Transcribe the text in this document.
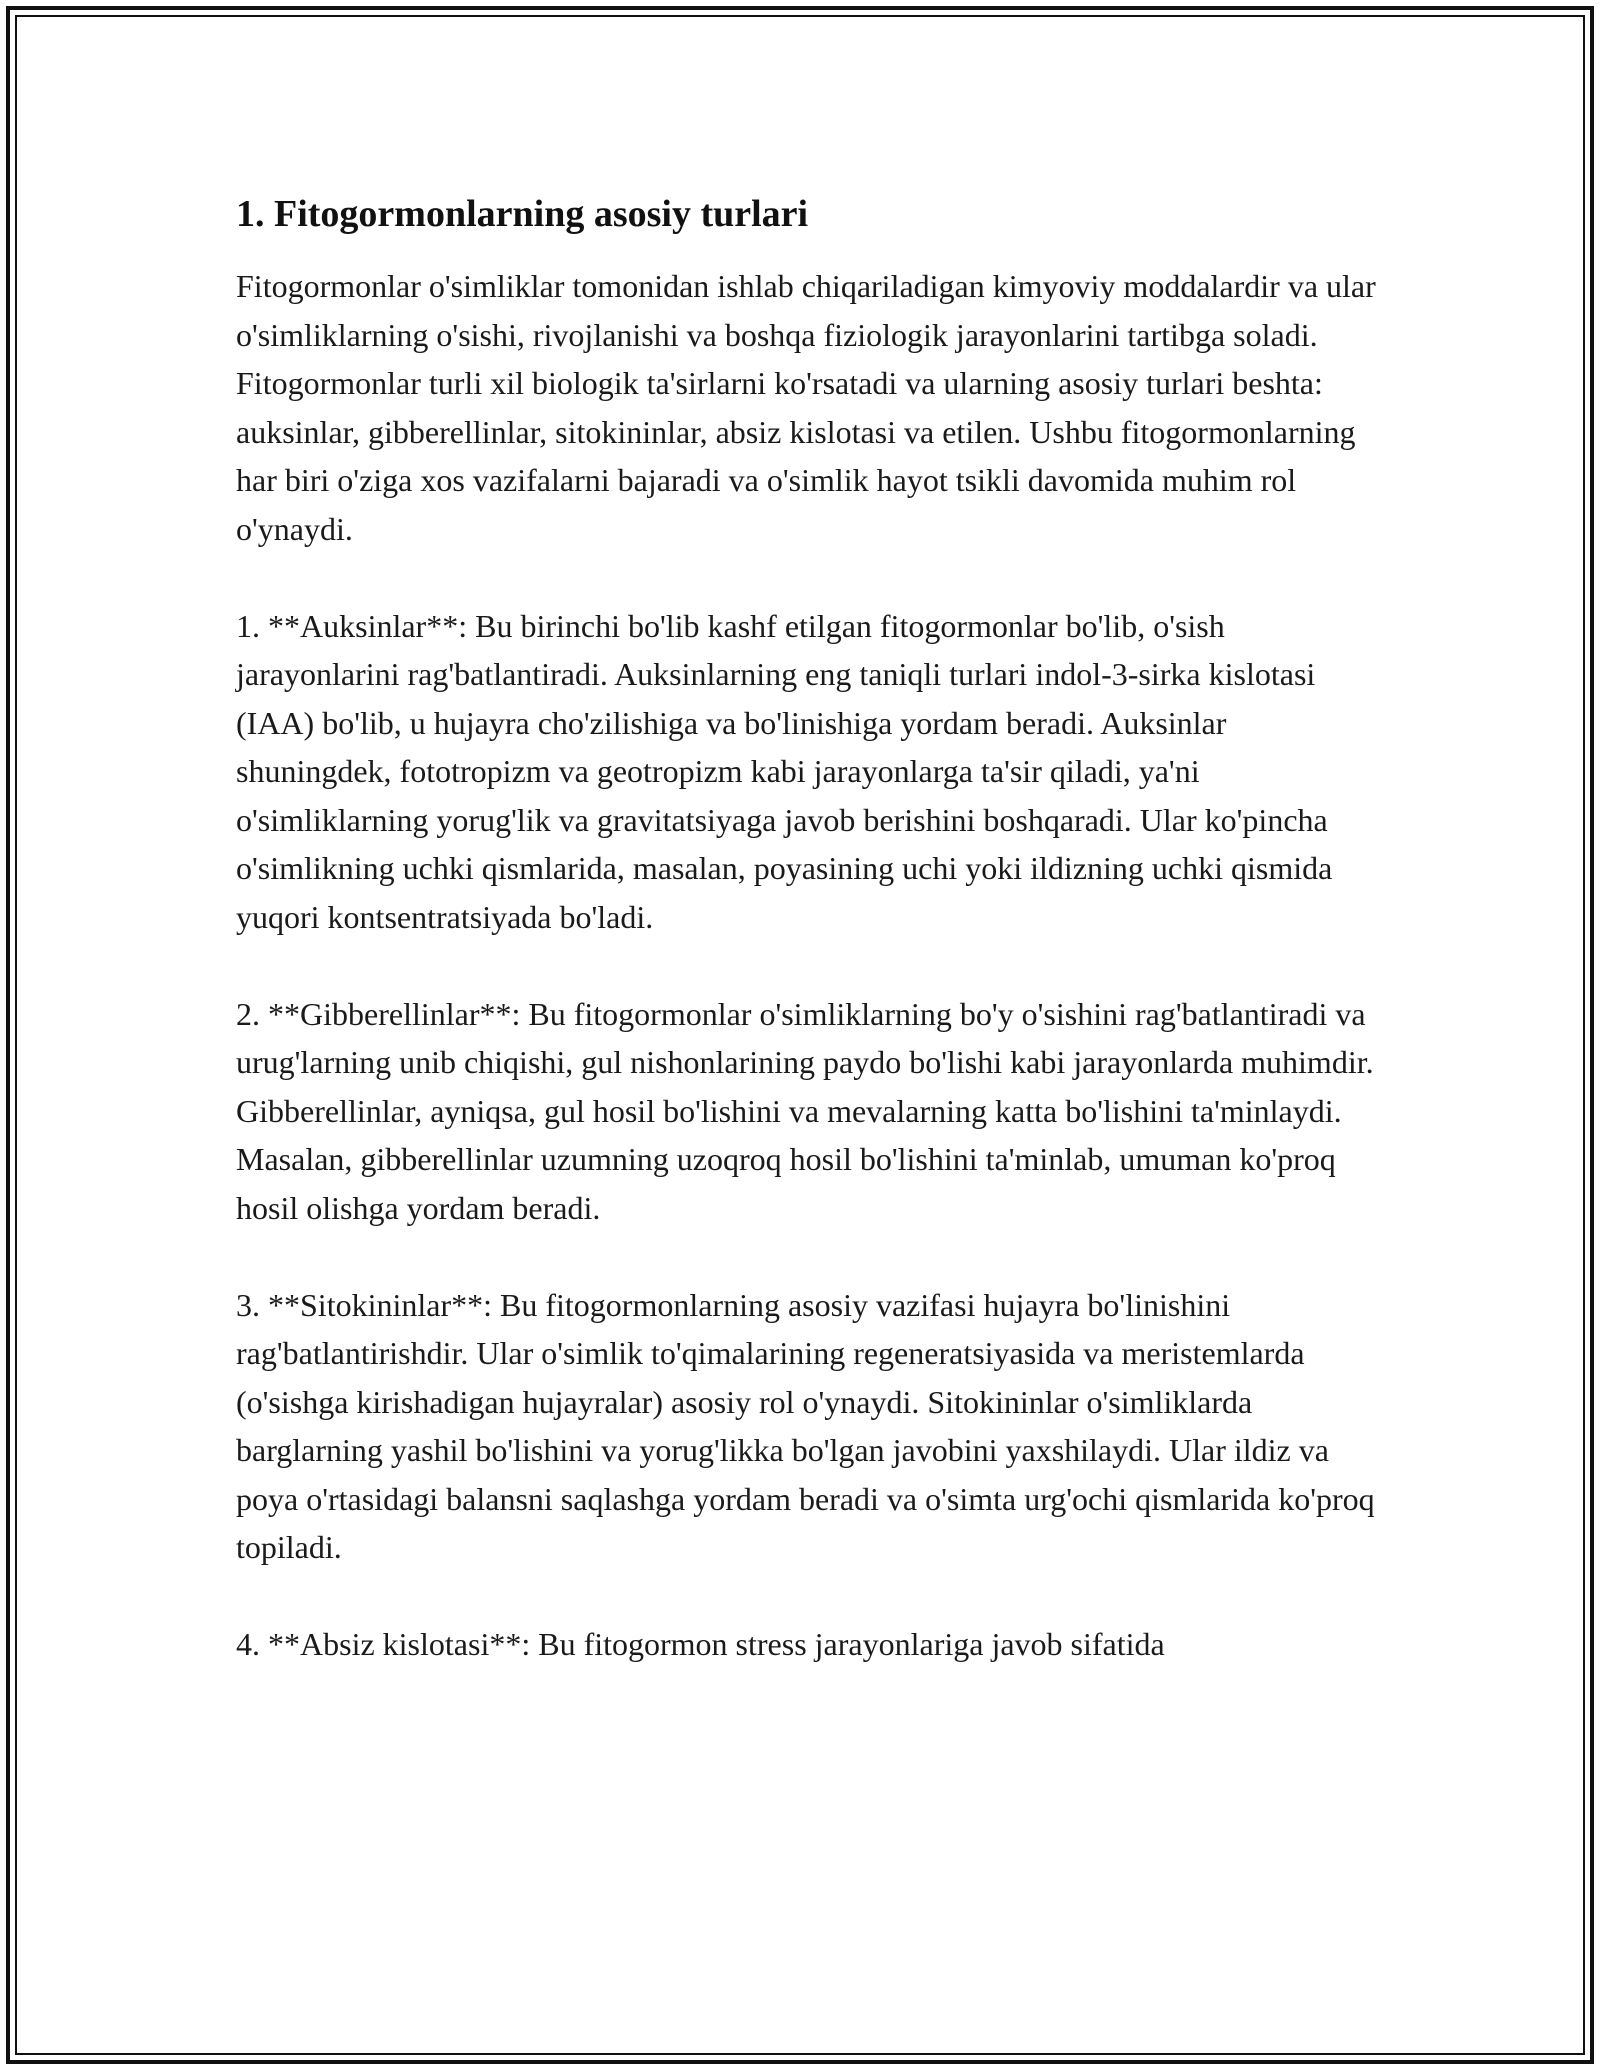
1. Fitogormonlarning asosiy turlari

Fitogormonlar o'simliklar tomonidan ishlab chiqariladigan kimyoviy moddalardir va ular o'simliklarning o'sishi, rivojlanishi va boshqa fiziologik jarayonlarini tartibga soladi. Fitogormonlar turli xil biologik ta'sirlarni ko'rsatadi va ularning asosiy turlari beshta: auksinlar, gibberellinlar, sitokininlar, absiz kislotasi va etilen. Ushbu fitogormonlarning har biri o'ziga xos vazifalarni bajaradi va o'simlik hayot tsikli davomida muhim rol o'ynaydi.

1. **Auksinlar**: Bu birinchi bo'lib kashf etilgan fitogormonlar bo'lib, o'sish jarayonlarini rag'batlantiradi. Auksinlarning eng taniqli turlari indol-3-sirka kislotasi (IAA) bo'lib, u hujayra cho'zilishiga va bo'linishiga yordam beradi. Auksinlar shuningdek, fototropizm va geotropizm kabi jarayonlarga ta'sir qiladi, ya'ni o'simliklarning yorug'lik va gravitatsiyaga javob berishini boshqaradi. Ular ko'pincha o'simlikning uchki qismlarida, masalan, poyasining uchi yoki ildizning uchki qismida yuqori kontsentratsiyada bo'ladi.

2. **Gibberellinlar**: Bu fitogormonlar o'simliklarning bo'y o'sishini rag'batlantiradi va urug'larning unib chiqishi, gul nishonlarining paydo bo'lishi kabi jarayonlarda muhimdir. Gibberellinlar, ayniqsa, gul hosil bo'lishini va mevalarning katta bo'lishini ta'minlaydi. Masalan, gibberellinlar uzumning uzoqroq hosil bo'lishini ta'minlab, umuman ko'proq hosil olishga yordam beradi.

3. **Sitokininlar**: Bu fitogormonlarning asosiy vazifasi hujayra bo'linishini rag'batlantirishdir. Ular o'simlik to'qimalarining regeneratsiyasida va meristemlarda (o'sishga kirishadigan hujayralar) asosiy rol o'ynaydi. Sitokininlar o'simliklarda barglarning yashil bo'lishini va yorug'likka bo'lgan javobini yaxshilaydi. Ular ildiz va poya o'rtasidagi balansni saqlashga yordam beradi va o'simta urg'ochi qismlarida ko'proq topiladi.

4. **Absiz kislotasi**: Bu fitogormon stress jarayonlariga javob sifatida
